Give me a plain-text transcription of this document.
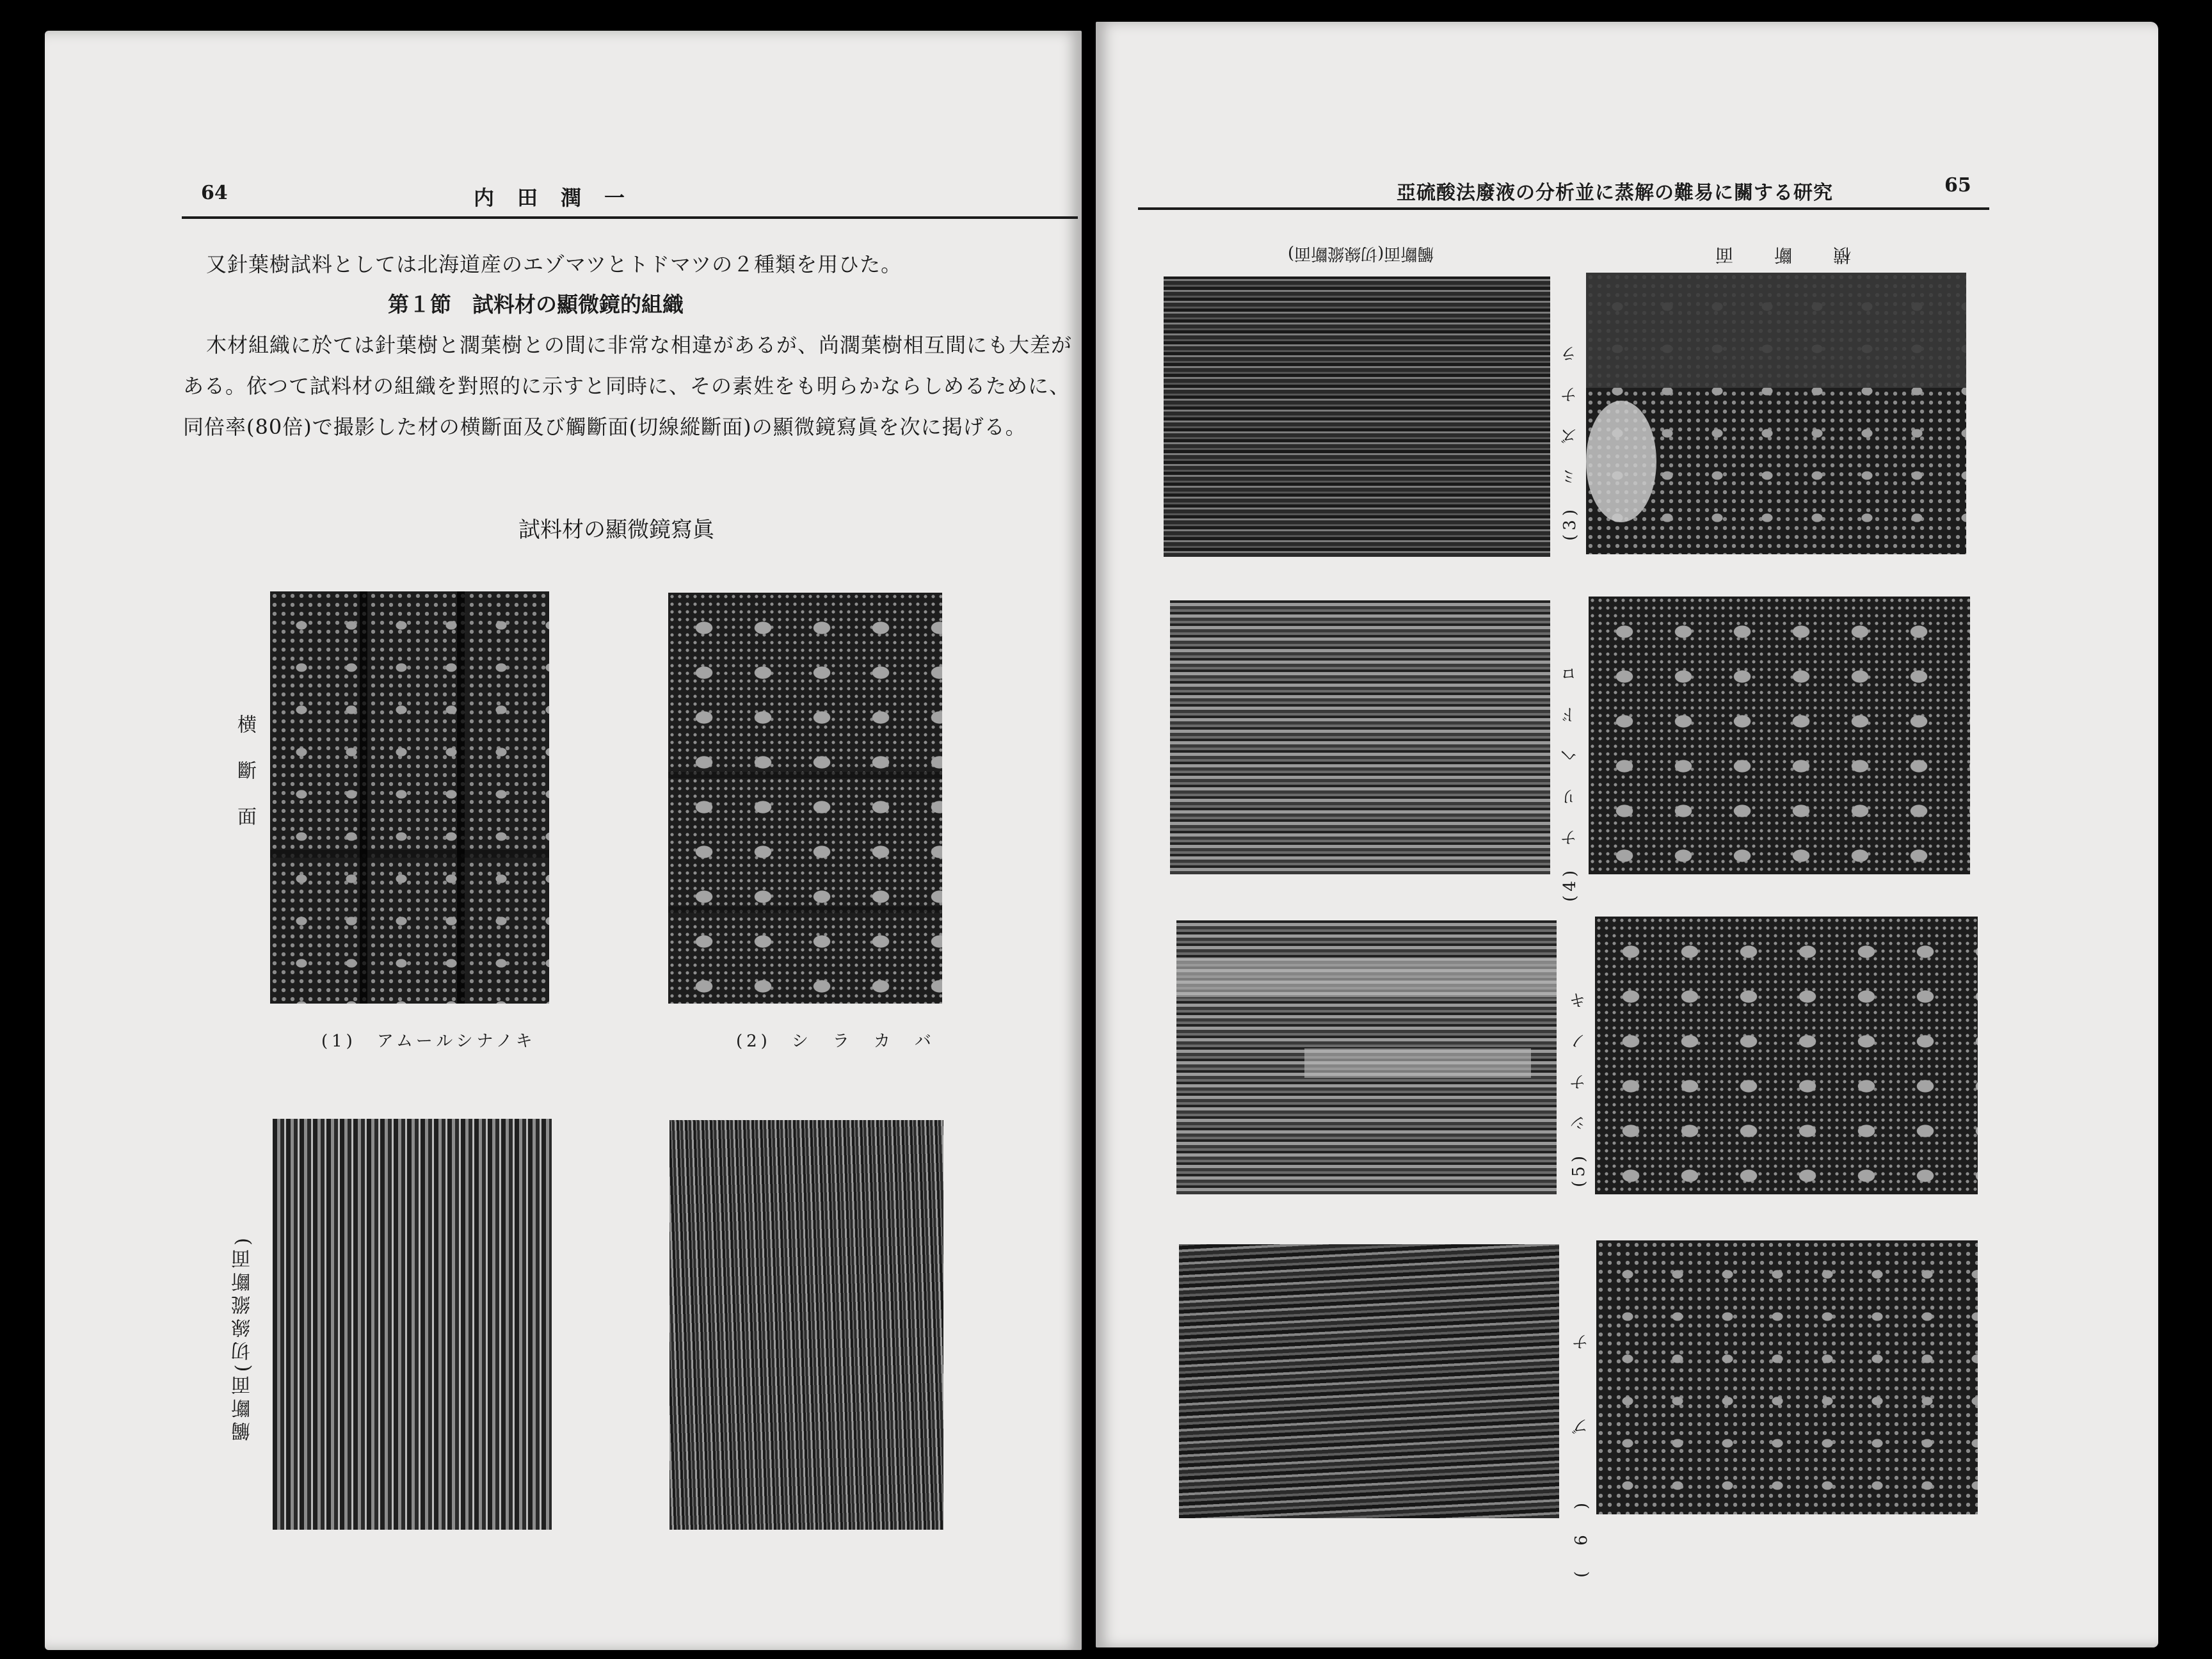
64	内　田　潤　一
又針葉樹試料としては北海道産のエゾマツとトドマツの２種類を用ひた。
第１節　試料材の顯微鏡的組織
木材組織に於ては針葉樹と濶葉樹との間に非常な相違があるが、尚濶葉樹相互間にも大差が
ある。依つて試料材の組織を對照的に示すと同時に、その素姓をも明らかならしめるために、
同倍率(80倍)で撮影した材の横斷面及び觸斷面(切線縱斷面)の顯微鏡寫眞を次に掲げる。
試料材の顯微鏡寫眞
横　斷　面
(1)　アムールシナノキ	(2)　シ　ラ　カ　バ
觸斷面(切線縱斷面)
亞硫酸法廢液の分析並に蒸解の難易に關する研究	65
觸斷面(切線縱斷面)	横　斷　面
(3)　ミ　ズ　ナ　ラ
(4)　ナ　リ　ヘ　ド　ロ
(5)　シ　ナ　ノ　キ
(6)　ブ　ナ
